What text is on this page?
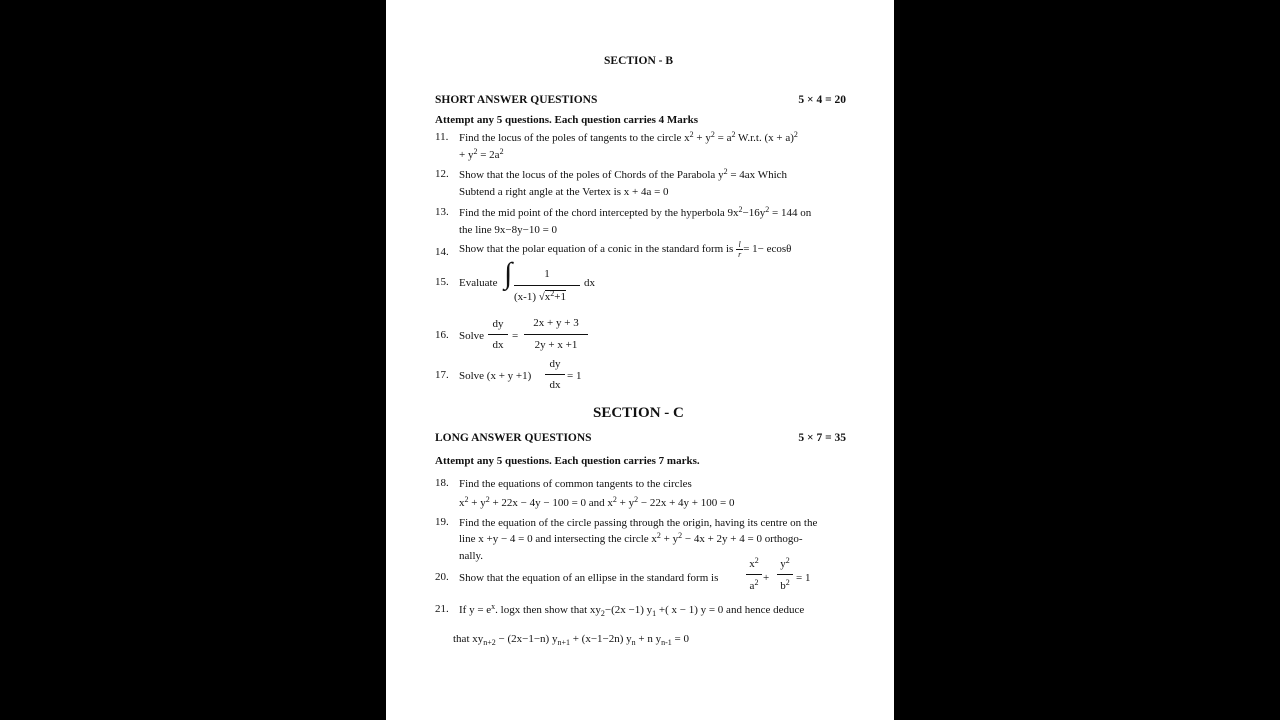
SECTION - B
SHORT ANSWER QUESTIONS	5 × 4 = 20
Attempt any 5 questions. Each question carries 4 Marks
11. Find the locus of the poles of tangents to the circle $x^2 + y^2 = a^2$ W.r.t. $(x + a)^2$
+ $y^2 = 2a^2$
12. Show that the locus of the poles of Chords of the Parabola $y^2 = 4ax$ Which
Subtend a right angle at the Vertex is x + 4a = 0
13. Find the mid point of the chord intercepted by the hyperbola $9x^2-16y^2 = 144$ on
the line 9x−8y−10 = 0
14. Show that the polar equation of a conic in the standard form is $\frac{l}{r} = 1- ecos\theta$
15. Evaluate ∫	1
(x-1) $√x^2+1$
dx
16. Solve
dy
dx
=
2x + y + 3
2y + x +1
17. Solve (x + y +1)
dy
dx
= 1
SECTION - C
LONG ANSWER QUESTIONS	5 × 7 = 35
Attempt any 5 questions. Each question carries 7 marks.
18. Find the equations of common tangents to the circles
$x^2 + y^2 + 22x - 4y - 100 = 0$ and $x^2 + y^2 - 22x + 4y + 100 = 0$
19. Find the equation of the circle passing through the origin, having its centre on the
line x +y − 4 = 0 and intersecting the circle $x^2 + y^2 - 4x + 2y + 4 = 0$ orthogo-
nally.
20. Show that the equation of an ellipse in the standard form is
$x^2$
$a^2$ +
$y^2$
$b^2 = 1$
21. If $y = e^x$. logx then show that $xy_2-(2x -1)$ $y_1$ +( x − 1) y = 0 and hence deduce
that $xy_{n+2} - (2x-1-n) y_{n+1} + (x-1-2n) y_n + n$ $y_{n-1} = 0$
